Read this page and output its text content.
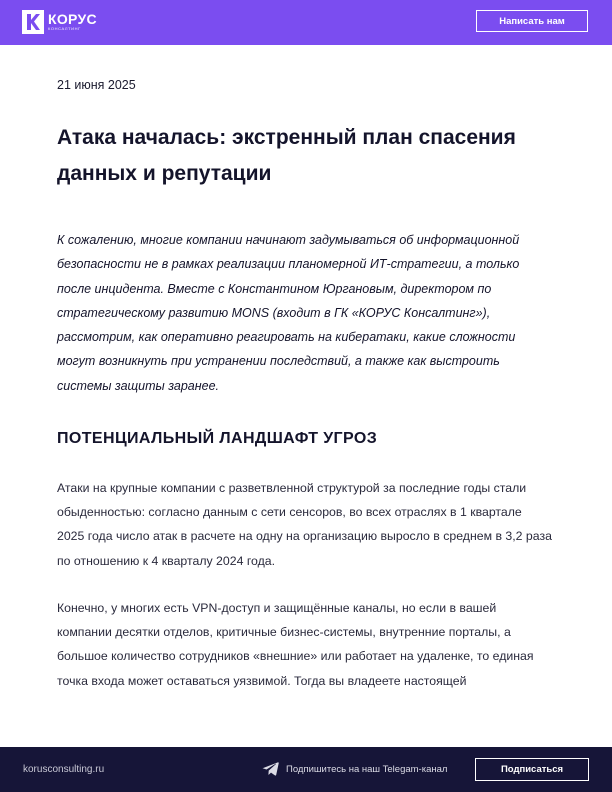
КОРУС
КОНСАЛТИНГ
Написать нам
21 июня 2025
Атака началась: экстренный план спасения данных и репутации

К сожалению, многие компании начинают задумываться об информационной безопасности не в рамках реализации планомерной ИТ-стратегии, а только после инцидента. Вместе с Константином Юргановым, директором по стратегическому развитию MONS (входит в ГК «КОРУС Консалтинг»), рассмотрим, как оперативно реагировать на кибератаки, какие сложности могут возникнуть при устранении последствий, а также как выстроить системы защиты заранее.

ПОТЕНЦИАЛЬНЫЙ ЛАНДШАФТ УГРОЗ

Атаки на крупные компании с разветвленной структурой за последние годы стали обыденностью: согласно данным с сети сенсоров, во всех отраслях в 1 квартале 2025 года число атак в расчете на одну на организацию выросло в среднем в 3,2 раза по отношению к 4 кварталу 2024 года.

Конечно, у многих есть VPN-доступ и защищённые каналы, но если в вашей компании десятки отделов, критичные бизнес-системы, внутренние порталы, а большое количество сотрудников «внешние» или работает на удаленке, то единая точка входа может оставаться уязвимой. Тогда вы владеете настоящей

korusconsulting.ru	Подпишитесь на наш Telegam-канал	Подписаться
